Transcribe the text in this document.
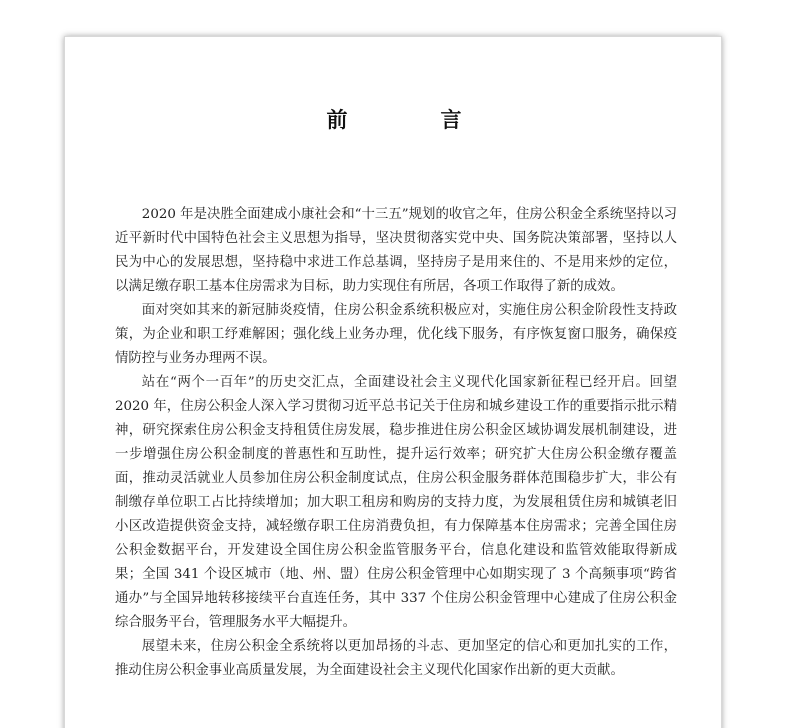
前　言

2020 年是决胜全面建成小康社会和“十三五”规划的收官之年，住房公积金全系统坚持以习近平新时代中国特色社会主义思想为指导，坚决贯彻落实党中央、国务院决策部署，坚持以人民为中心的发展思想，坚持稳中求进工作总基调，坚持房子是用来住的、不是用来炒的定位，以满足缴存职工基本住房需求为目标，助力实现住有所居，各项工作取得了新的成效。

面对突如其来的新冠肺炎疫情，住房公积金系统积极应对，实施住房公积金阶段性支持政策，为企业和职工纾难解困；强化线上业务办理，优化线下服务，有序恢复窗口服务，确保疫情防控与业务办理两不误。

站在“两个一百年”的历史交汇点，全面建设社会主义现代化国家新征程已经开启。回望 2020 年，住房公积金人深入学习贯彻习近平总书记关于住房和城乡建设工作的重要指示批示精神，研究探索住房公积金支持租赁住房发展，稳步推进住房公积金区域协调发展机制建设，进一步增强住房公积金制度的普惠性和互助性，提升运行效率；研究扩大住房公积金缴存覆盖面，推动灵活就业人员参加住房公积金制度试点，住房公积金服务群体范围稳步扩大，非公有制缴存单位职工占比持续增加；加大职工租房和购房的支持力度，为发展租赁住房和城镇老旧小区改造提供资金支持，减轻缴存职工住房消费负担，有力保障基本住房需求；完善全国住房公积金数据平台，开发建设全国住房公积金监管服务平台，信息化建设和监管效能取得新成果；全国 341 个设区城市（地、州、盟）住房公积金管理中心如期实现了 3 个高频事项“跨省通办”与全国异地转移接续平台直连任务，其中 337 个住房公积金管理中心建成了住房公积金综合服务平台，管理服务水平大幅提升。

展望未来，住房公积金全系统将以更加昂扬的斗志、更加坚定的信心和更加扎实的工作，推动住房公积金事业高质量发展，为全面建设社会主义现代化国家作出新的更大贡献。
